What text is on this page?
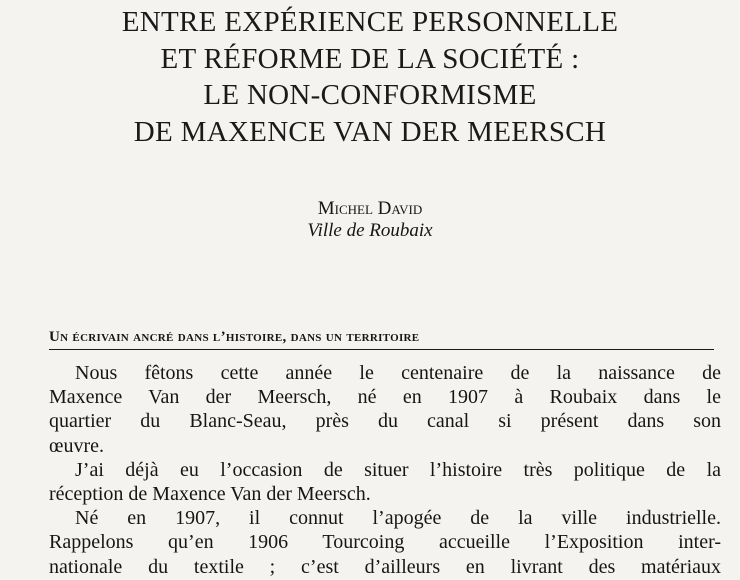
ENTRE EXPÉRIENCE PERSONNELLE
ET RÉFORME DE LA SOCIÉTÉ :
LE NON-CONFORMISME
DE MAXENCE VAN DER MEERSCH
Michel David
Ville de Roubaix
Un écrivain ancré dans l’histoire, dans un territoire
Nous fêtons cette année le centenaire de la naissance de
Maxence Van der Meersch, né en 1907 à Roubaix dans le
quartier du Blanc-Seau, près du canal si présent dans son
œuvre.
J’ai déjà eu l’occasion de situer l’histoire très politique de la
réception de Maxence Van der Meersch.
Né en 1907, il connut l’apogée de la ville industrielle.
Rappelons qu’en 1906 Tourcoing accueille l’Exposition inter-
nationale du textile ; c’est d’ailleurs en livrant des matériaux
